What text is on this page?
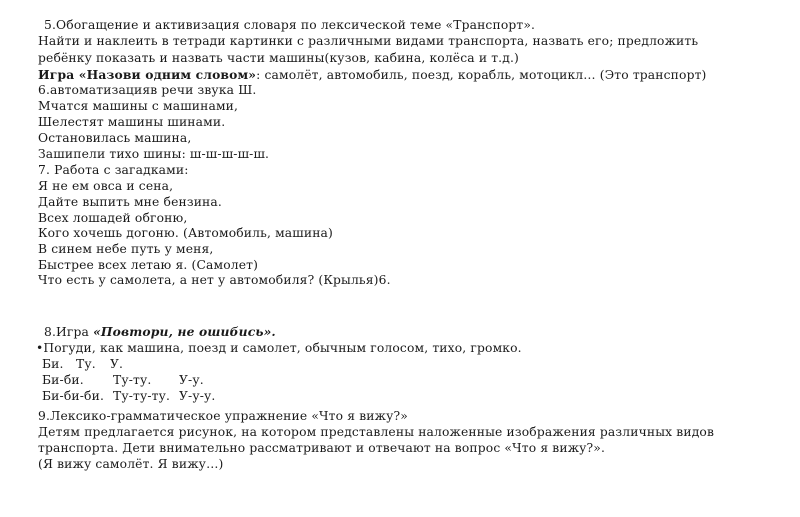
5.Обогащение и активизация словаря по лексической теме «Транспорт».
Найти и наклеить в тетради картинки с различными видами транспорта, назвать его; предложить
ребёнку показать и назвать части машины(кузов, кабина, колёса и т.д.)
Игра «Назови одним словом»: самолёт, автомобиль, поезд, корабль, мотоцикл… (Это транспорт)
6.автоматизацияв речи звука Ш.
Мчатся машины с машинами,
Шелестят машины шинами.
Остановилась машина,
Зашипели тихо шины: ш-ш-ш-ш-ш.
7. Работа с загадками:
Я не ем овса и сена,
Дайте выпить мне бензина.
Всех лошадей обгоню,
Кого хочешь догоню. (Автомобиль, машина)
В синем небе путь у меня,
Быстрее всех летаю я. (Самолет)
Что есть у самолета, а нет у автомобиля? (Крылья)6.
8.Игра «Повтори, не ошибись».
•Погуди, как машина, поезд и самолет, обычным голосом, тихо, громко.
Би. Ту. У.
Би-би. Ту-ту. У-у.
Би-би-би. Ту-ту-ту. У-у-у.
9.Лексико-грамматическое упражнение «Что я вижу?»
Детям предлагается рисунок, на котором представлены наложенные изображения различных видов
транспорта. Дети внимательно рассматривают и отвечают на вопрос «Что я вижу?».
(Я вижу самолёт. Я вижу…)
